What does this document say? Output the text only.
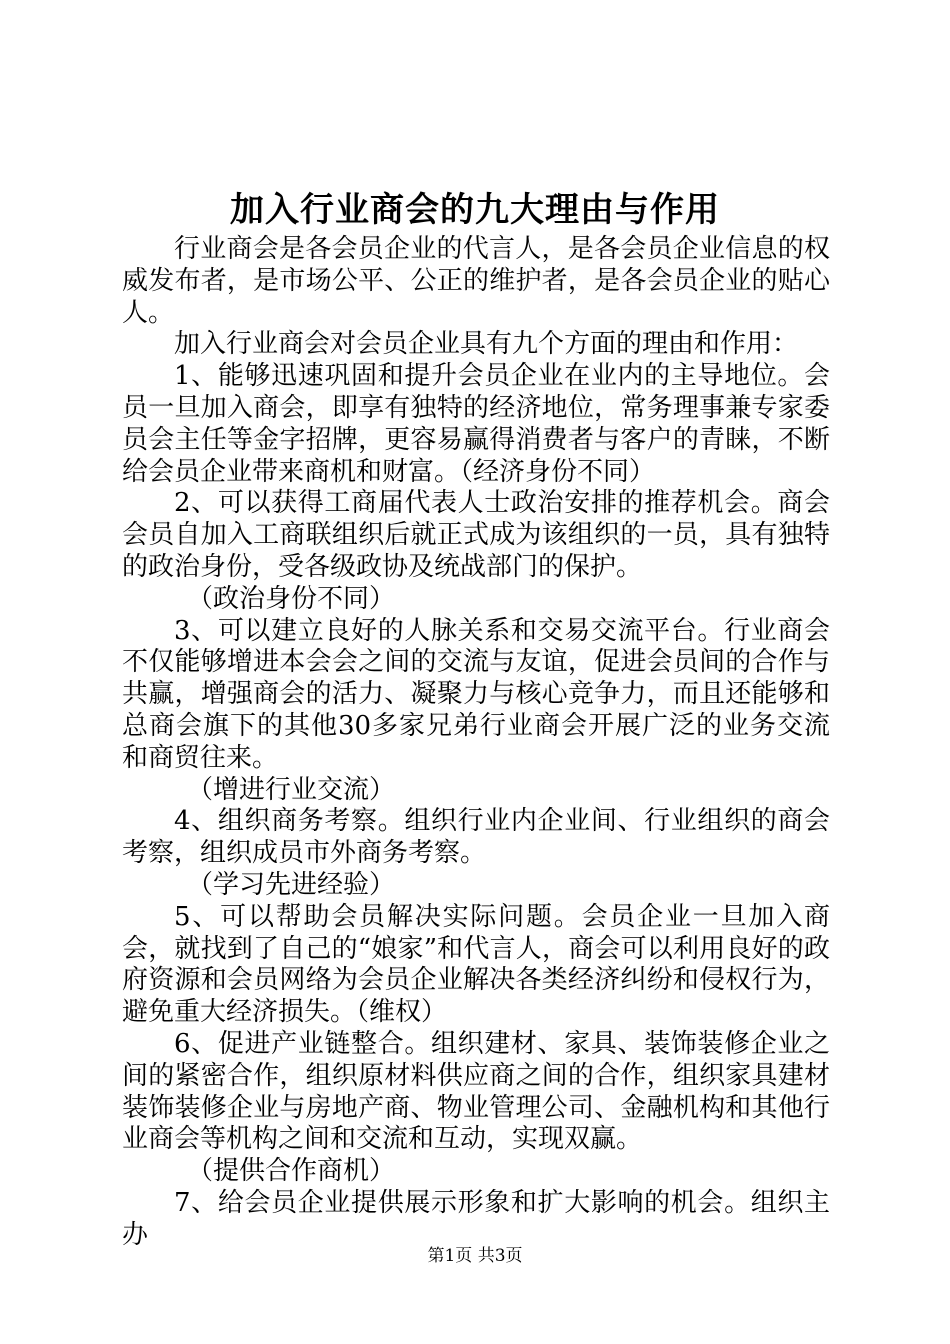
加入行业商会的九大理由与作用

行业商会是各会员企业的代言人，是各会员企业信息的权威发布者，是市场公平、公正的维护者，是各会员企业的贴心人。

加入行业商会对会员企业具有九个方面的理由和作用：

1、能够迅速巩固和提升会员企业在业内的主导地位。会员一旦加入商会，即享有独特的经济地位，常务理事兼专家委员会主任等金字招牌，更容易赢得消费者与客户的青睐，不断给会员企业带来商机和财富。（经济身份不同）

2、可以获得工商届代表人士政治安排的推荐机会。商会会员自加入工商联组织后就正式成为该组织的一员，具有独特的政治身份，受各级政协及统战部门的保护。

（政治身份不同）

3、可以建立良好的人脉关系和交易交流平台。行业商会不仅能够增进本会会之间的交流与友谊，促进会员间的合作与共赢，增强商会的活力、凝聚力与核心竞争力，而且还能够和总商会旗下的其他30多家兄弟行业商会开展广泛的业务交流和商贸往来。

（增进行业交流）

4、组织商务考察。组织行业内企业间、行业组织的商会考察，组织成员市外商务考察。

（学习先进经验）

5、可以帮助会员解决实际问题。会员企业一旦加入商会，就找到了自己的“娘家”和代言人，商会可以利用良好的政府资源和会员网络为会员企业解决各类经济纠纷和侵权行为，避免重大经济损失。（维权）

6、促进产业链整合。组织建材、家具、装饰装修企业之间的紧密合作，组织原材料供应商之间的合作，组织家具建材装饰装修企业与房地产商、物业管理公司、金融机构和其他行业商会等机构之间和交流和互动，实现双赢。

（提供合作商机）

7、给会员企业提供展示形象和扩大影响的机会。组织主办

第1页 共3页
